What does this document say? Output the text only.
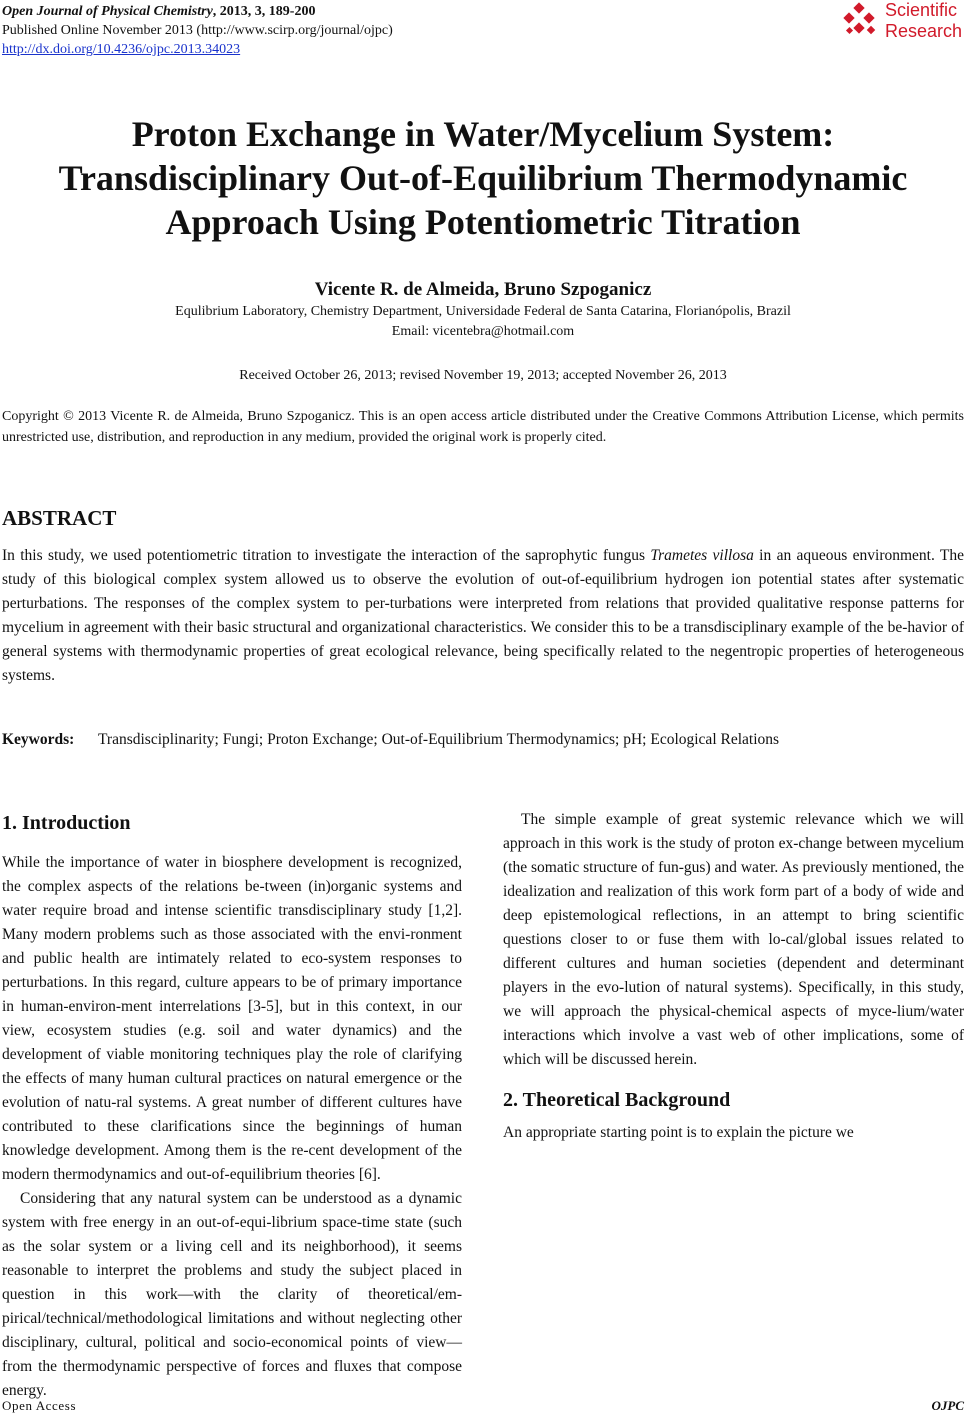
Open Journal of Physical Chemistry, 2013, 3, 189-200
Published Online November 2013 (http://www.scirp.org/journal/ojpc)
http://dx.doi.org/10.4236/ojpc.2013.34023
Scientific
Research
Proton Exchange in Water/Mycelium System:
Transdisciplinary Out-of-Equilibrium Thermodynamic
Approach Using Potentiometric Titration
Vicente R. de Almeida, Bruno Szpoganicz
Equlibrium Laboratory, Chemistry Department, Universidade Federal de Santa Catarina, Florianópolis, Brazil
Email: vicentebra@hotmail.com
Received October 26, 2013; revised November 19, 2013; accepted November 26, 2013
Copyright © 2013 Vicente R. de Almeida, Bruno Szpoganicz. This is an open access article distributed under the Creative Commons Attribution License, which permits unrestricted use, distribution, and reproduction in any medium, provided the original work is properly cited.
ABSTRACT
In this study, we used potentiometric titration to investigate the interaction of the saprophytic fungus Trametes villosa in an aqueous environment. The study of this biological complex system allowed us to observe the evolution of out-of-equilibrium hydrogen ion potential states after systematic perturbations. The responses of the complex system to per-turbations were interpreted from relations that provided qualitative response patterns for mycelium in agreement with their basic structural and organizational characteristics. We consider this to be a transdisciplinary example of the be-havior of general systems with thermodynamic properties of great ecological relevance, being specifically related to the negentropic properties of heterogeneous systems.
Keywords: Transdisciplinarity; Fungi; Proton Exchange; Out-of-Equilibrium Thermodynamics; pH; Ecological Relations
1. Introduction

While the importance of water in biosphere development is recognized, the complex aspects of the relations be-tween (in)organic systems and water require broad and intense scientific transdisciplinary study [1,2]. Many modern problems such as those associated with the envi-ronment and public health are intimately related to eco-system responses to perturbations. In this regard, culture appears to be of primary importance in human-environ-ment interrelations [3-5], but in this context, in our view, ecosystem studies (e.g. soil and water dynamics) and the development of viable monitoring techniques play the role of clarifying the effects of many human cultural practices on natural emergence or the evolution of natu-ral systems. A great number of different cultures have contributed to these clarifications since the beginnings of human knowledge development. Among them is the re-cent development of the modern thermodynamics and out-of-equilibrium theories [6].

Considering that any natural system can be understood as a dynamic system with free energy in an out-of-equi-librium space-time state (such as the solar system or a living cell and its neighborhood), it seems reasonable to interpret the problems and study the subject placed in question in this work—with the clarity of theoretical/em-pirical/technical/methodological limitations and without neglecting other disciplinary, cultural, political and socio-economical points of view—from the thermodynamic perspective of forces and fluxes that compose energy.

The simple example of great systemic relevance which we will approach in this work is the study of proton ex-change between mycelium (the somatic structure of fun-gus) and water. As previously mentioned, the idealization and realization of this work form part of a body of wide and deep epistemological reflections, in an attempt to bring scientific questions closer to or fuse them with lo-cal/global issues related to different cultures and human societies (dependent and determinant players in the evo-lution of natural systems). Specifically, in this study, we will approach the physical-chemical aspects of myce-lium/water interactions which involve a vast web of other implications, some of which will be discussed herein.

2. Theoretical Background

An appropriate starting point is to explain the picture we

Open Access	OJPC
